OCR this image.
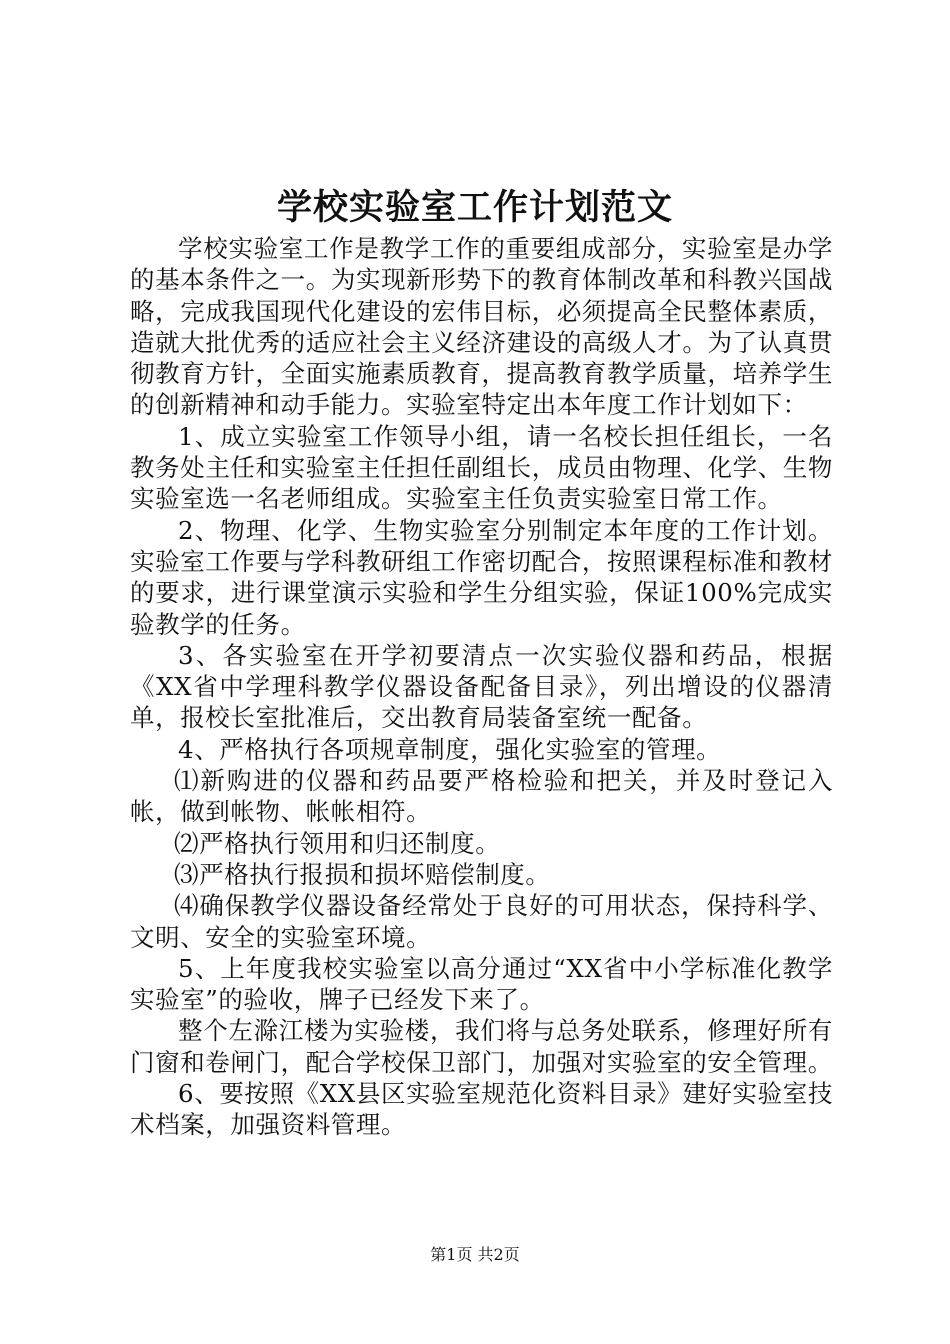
学校实验室工作计划范文

学校实验室工作是教学工作的重要组成部分，实验室是办学的基本条件之一。为实现新形势下的教育体制改革和科教兴国战略，完成我国现代化建设的宏伟目标，必须提高全民整体素质，造就大批优秀的适应社会主义经济建设的高级人才。为了认真贯彻教育方针，全面实施素质教育，提高教育教学质量，培养学生的创新精神和动手能力。实验室特定出本年度工作计划如下：

1、成立实验室工作领导小组，请一名校长担任组长，一名教务处主任和实验室主任担任副组长，成员由物理、化学、生物实验室选一名老师组成。实验室主任负责实验室日常工作。

2、物理、化学、生物实验室分别制定本年度的工作计划。实验室工作要与学科教研组工作密切配合，按照课程标准和教材的要求，进行课堂演示实验和学生分组实验，保证100%完成实验教学的任务。

3、各实验室在开学初要清点一次实验仪器和药品，根据《XX省中学理科教学仪器设备配备目录》，列出增设的仪器清单，报校长室批准后，交出教育局装备室统一配备。

4、严格执行各项规章制度，强化实验室的管理。

⑴新购进的仪器和药品要严格检验和把关，并及时登记入帐，做到帐物、帐帐相符。

⑵严格执行领用和归还制度。

⑶严格执行报损和损坏赔偿制度。

⑷确保教学仪器设备经常处于良好的可用状态，保持科学、文明、安全的实验室环境。

5、上年度我校实验室以高分通过“XX省中小学标准化教学实验室”的验收，牌子已经发下来了。

整个左滁江楼为实验楼，我们将与总务处联系，修理好所有门窗和卷闸门，配合学校保卫部门，加强对实验室的安全管理。

6、要按照《XX县区实验室规范化资料目录》建好实验室技术档案，加强资料管理。

第1页 共2页
